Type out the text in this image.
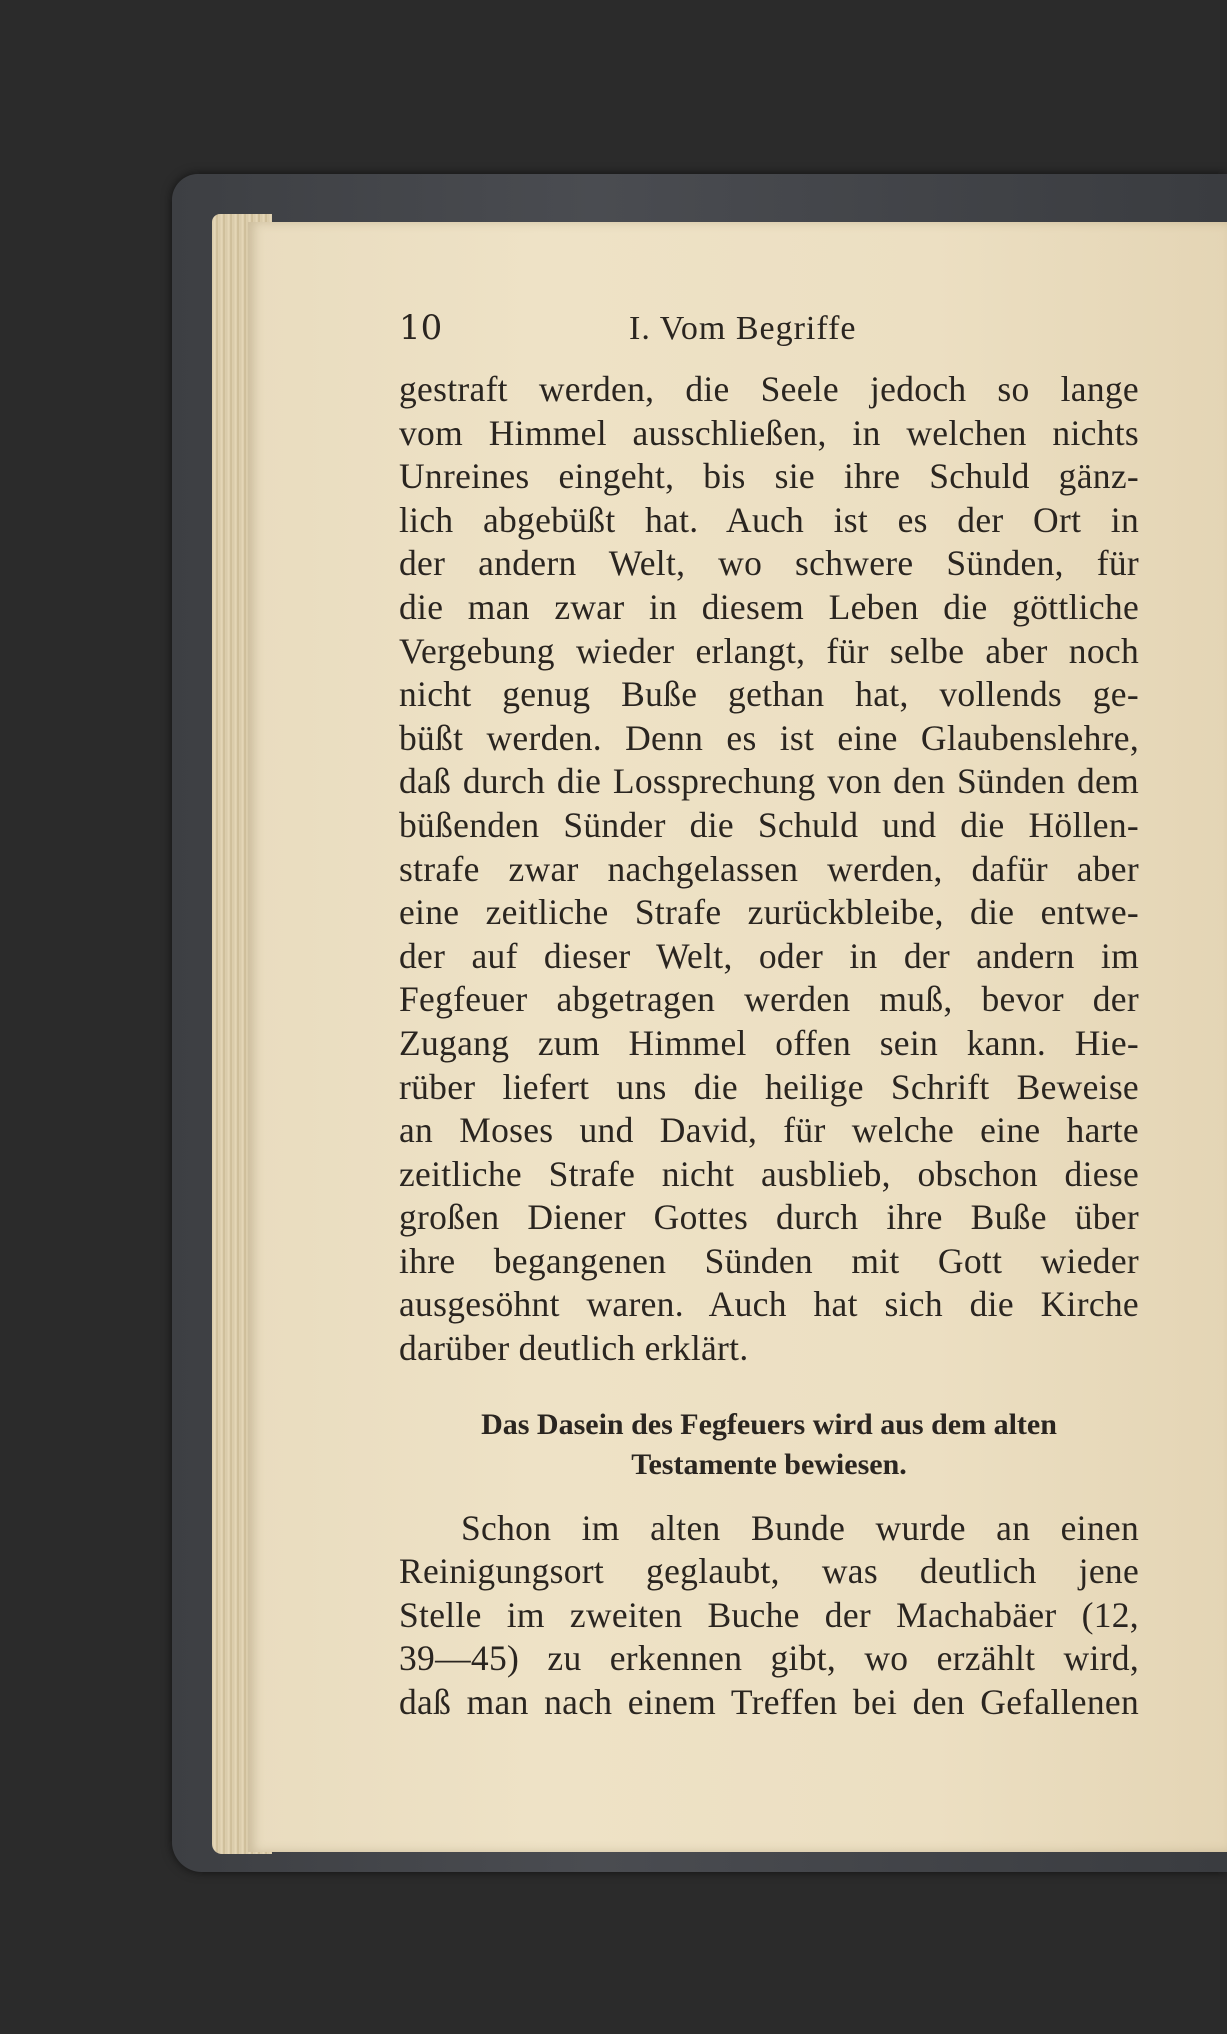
10	I. Vom Begriffe

gestraft werden, die Seele jedoch so lange

vom Himmel ausschließen, in welchen nichts

Unreines eingeht, bis sie ihre Schuld gänz-

lich abgebüßt hat. Auch ist es der Ort in

der andern Welt, wo schwere Sünden, für

die man zwar in diesem Leben die göttliche

Vergebung wieder erlangt, für selbe aber noch

nicht genug Buße gethan hat, vollends ge-

büßt werden. Denn es ist eine Glaubenslehre,

daß durch die Lossprechung von den Sünden dem

büßenden Sünder die Schuld und die Höllen-

strafe zwar nachgelassen werden, dafür aber

eine zeitliche Strafe zurückbleibe, die entwe-

der auf dieser Welt, oder in der andern im

Fegfeuer abgetragen werden muß, bevor der

Zugang zum Himmel offen sein kann. Hie-

rüber liefert uns die heilige Schrift Beweise

an Moses und David, für welche eine harte

zeitliche Strafe nicht ausblieb, obschon diese

großen Diener Gottes durch ihre Buße über

ihre begangenen Sünden mit Gott wieder

ausgesöhnt waren. Auch hat sich die Kirche

darüber deutlich erklärt.

Das Dasein des Fegfeuers wird aus dem alten
Testamente bewiesen.

Schon im alten Bunde wurde an einen

Reinigungsort geglaubt, was deutlich jene

Stelle im zweiten Buche der Machabäer (12,

39—45) zu erkennen gibt, wo erzählt wird,

daß man nach einem Treffen bei den Gefallenen
